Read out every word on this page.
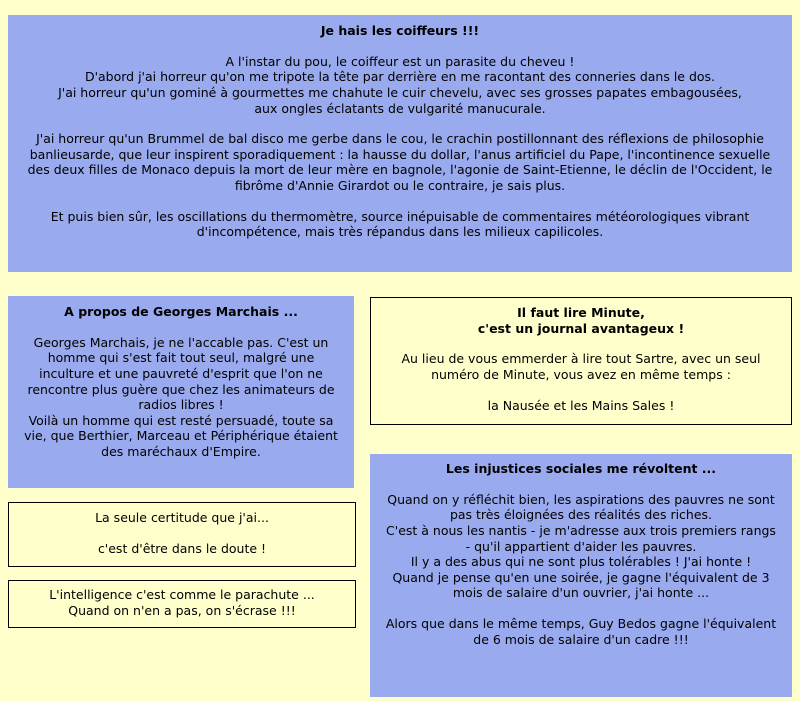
Je hais les coiffeurs !!!
A l'instar du pou, le coiffeur est un parasite du cheveu !
D'abord j'ai horreur qu'on me tripote la tête par derrière en me racontant des conneries dans le dos.
J'ai horreur qu'un gominé à gourmettes me chahute le cuir chevelu, avec ses grosses papates embagousées,
aux ongles éclatants de vulgarité manucurale.
J'ai horreur qu'un Brummel de bal disco me gerbe dans le cou, le crachin postillonnant des réflexions de philosophie
banlieusarde, que leur inspirent sporadiquement : la hausse du dollar, l'anus artificiel du Pape, l'incontinence sexuelle
des deux filles de Monaco depuis la mort de leur mère en bagnole, l'agonie de Saint-Etienne, le déclin de l'Occident, le
fibrôme d'Annie Girardot ou le contraire, je sais plus.
Et puis bien sûr, les oscillations du thermomètre, source inépuisable de commentaires météorologiques vibrant
d'incompétence, mais très répandus dans les milieux capilicoles.
A propos de Georges Marchais ...
Georges Marchais, je ne l'accable pas. C'est un
homme qui s'est fait tout seul, malgré une
inculture et une pauvreté d'esprit que l'on ne
rencontre plus guère que chez les animateurs de
radios libres !
Voilà un homme qui est resté persuadé, toute sa
vie, que Berthier, Marceau et Périphérique étaient
des maréchaux d'Empire.
Il faut lire Minute,
c'est un journal avantageux !
Au lieu de vous emmerder à lire tout Sartre, avec un seul
numéro de Minute, vous avez en même temps :
la Nausée et les Mains Sales !
Les injustices sociales me révoltent ...
Quand on y réfléchit bien, les aspirations des pauvres ne sont
pas très éloignées des réalités des riches.
C'est à nous les nantis - je m'adresse aux trois premiers rangs
- qu'il appartient d'aider les pauvres.
Il y a des abus qui ne sont plus tolérables ! J'ai honte !
Quand je pense qu'en une soirée, je gagne l'équivalent de 3
mois de salaire d'un ouvrier, j'ai honte ...
Alors que dans le même temps, Guy Bedos gagne l'équivalent
de 6 mois de salaire d'un cadre !!!
La seule certitude que j'ai...
c'est d'être dans le doute !
L'intelligence c'est comme le parachute ...
Quand on n'en a pas, on s'écrase !!!
